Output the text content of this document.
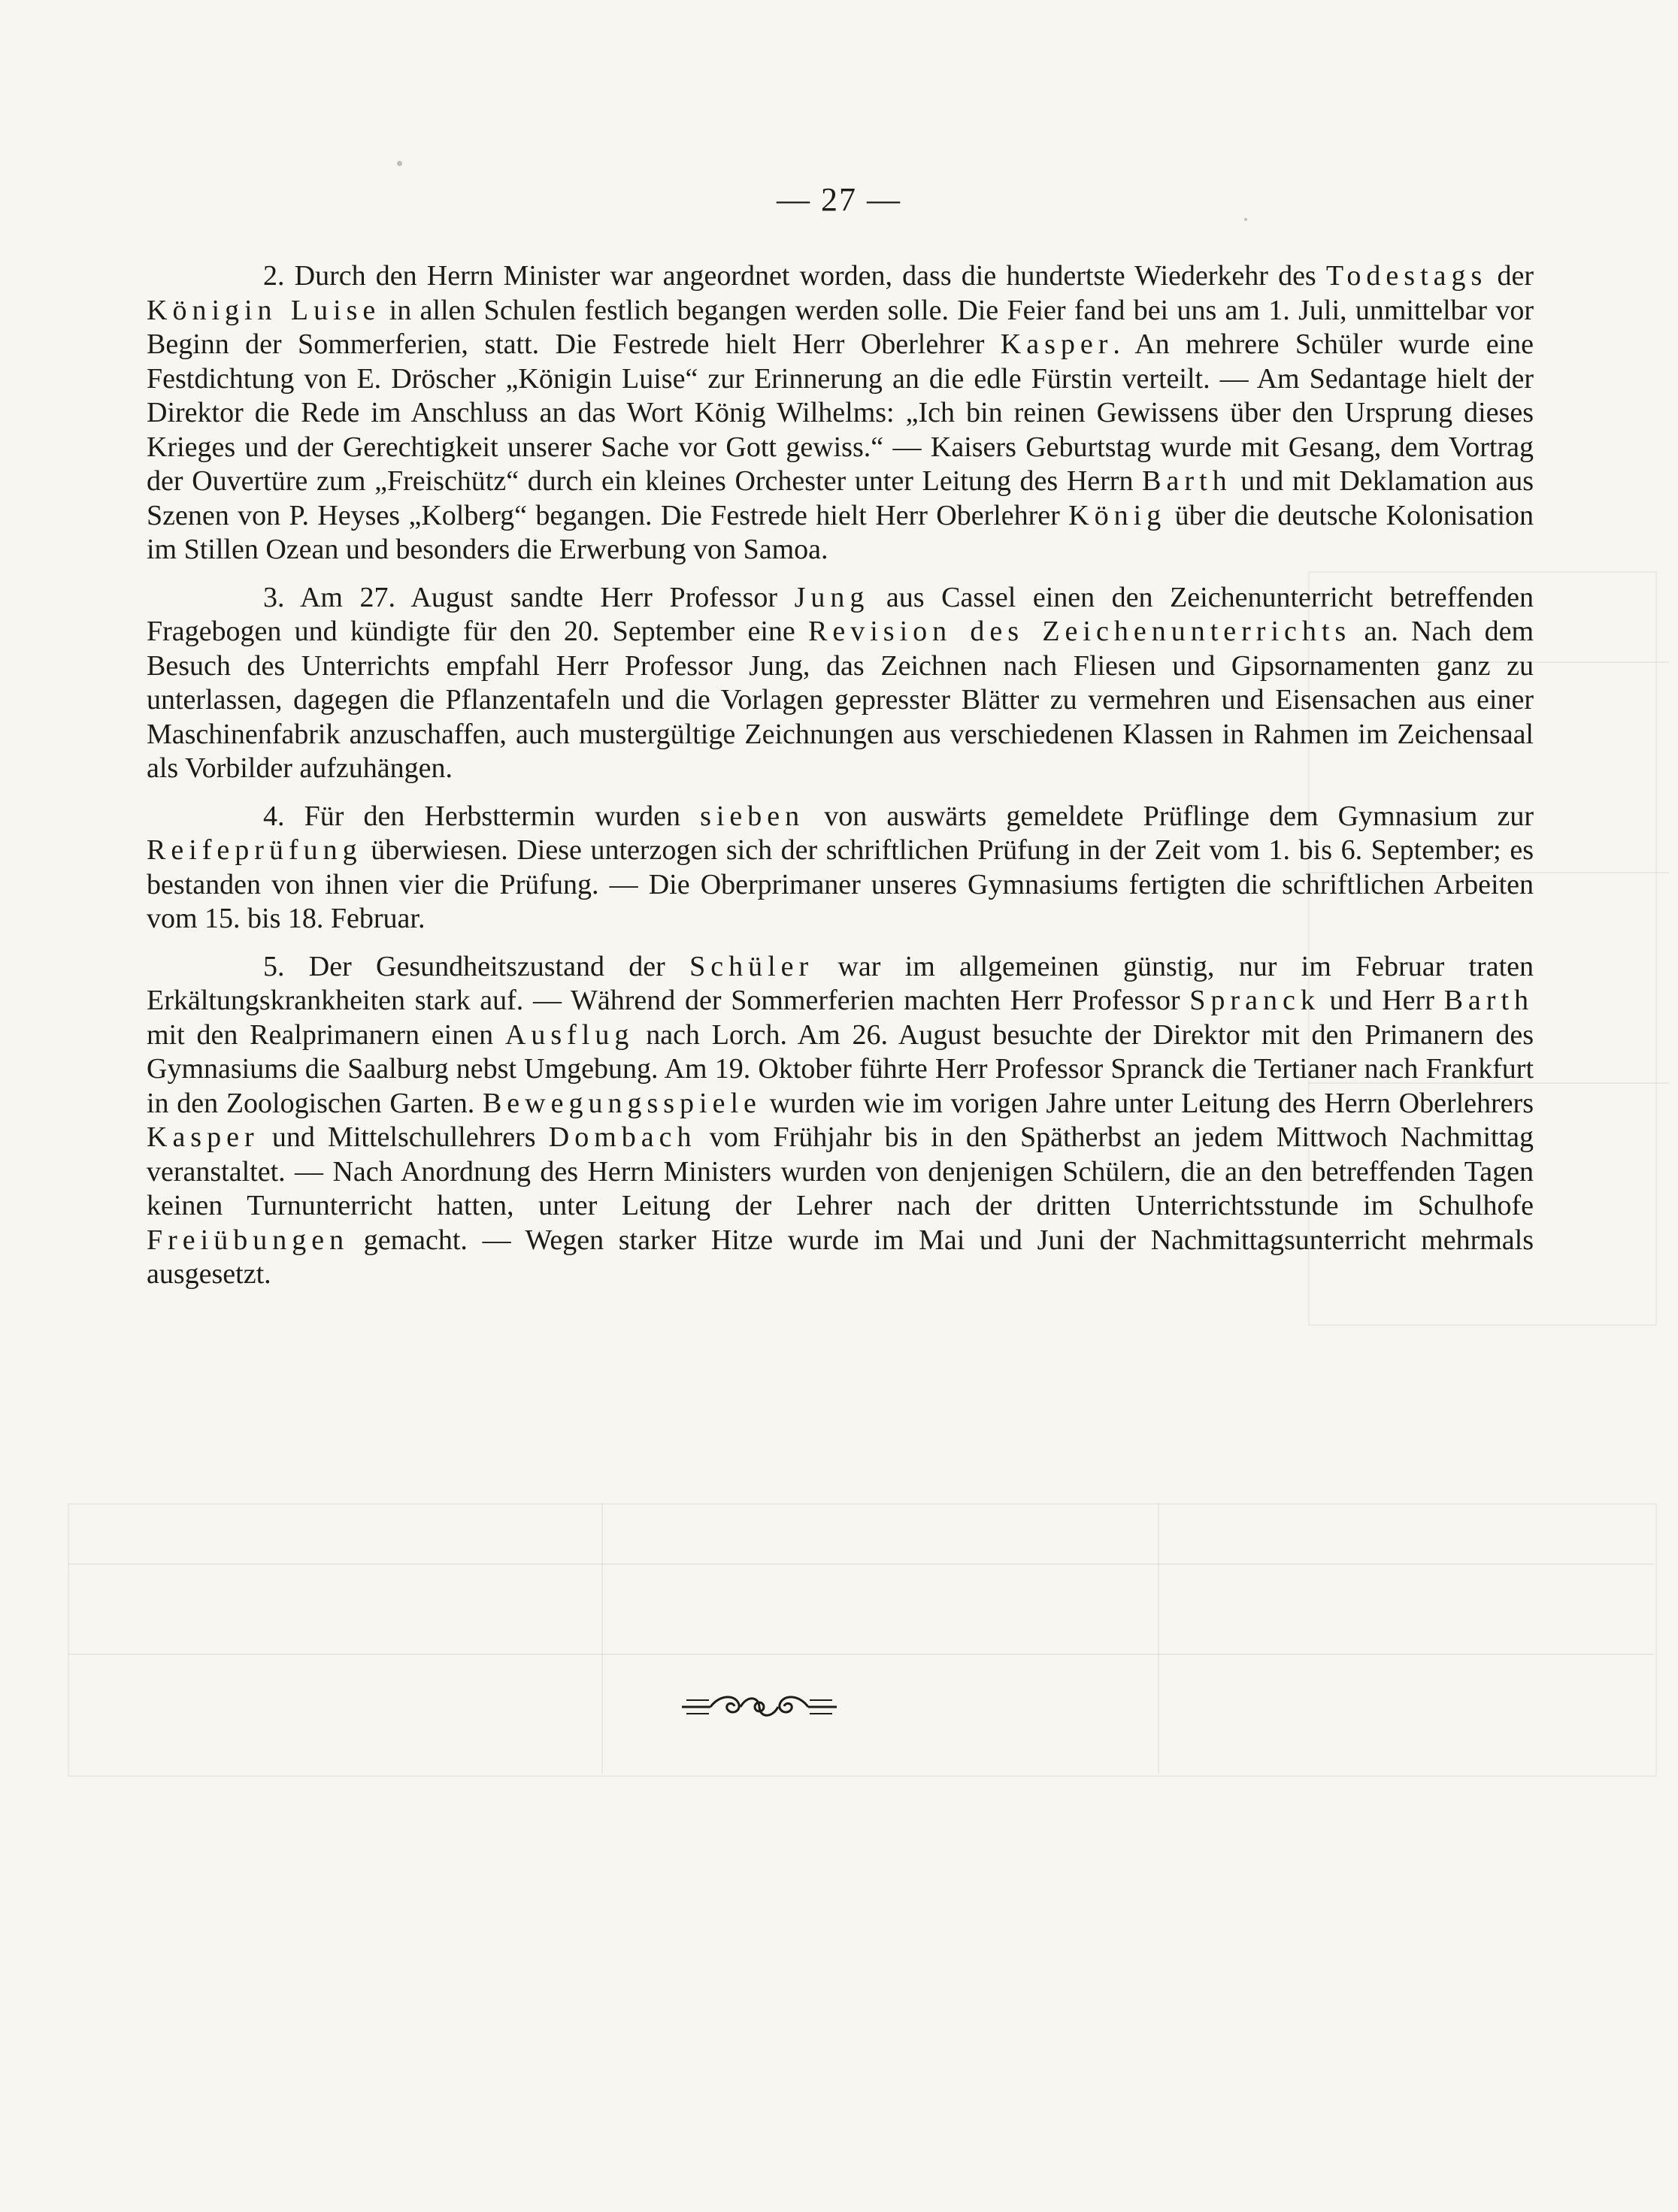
— 27 —

2. Durch den Herrn Minister war angeordnet worden, dass die hundertste Wiederkehr des Todestags der Königin Luise in allen Schulen festlich begangen werden solle. Die Feier fand bei uns am 1. Juli, unmittelbar vor Beginn der Sommerferien, statt. Die Festrede hielt Herr Oberlehrer Kasper. An mehrere Schüler wurde eine Festdichtung von E. Dröscher „Königin Luise“ zur Erinnerung an die edle Fürstin verteilt. — Am Sedantage hielt der Direktor die Rede im Anschluss an das Wort König Wilhelms: „Ich bin reinen Gewissens über den Ursprung dieses Krieges und der Gerechtigkeit unserer Sache vor Gott gewiss.“ — Kaisers Geburtstag wurde mit Gesang, dem Vortrag der Ouvertüre zum „Freischütz“ durch ein kleines Orchester unter Leitung des Herrn Barth und mit Deklamation aus Szenen von P. Heyses „Kolberg“ begangen. Die Festrede hielt Herr Oberlehrer König über die deutsche Kolonisation im Stillen Ozean und besonders die Erwerbung von Samoa.

3. Am 27. August sandte Herr Professor Jung aus Cassel einen den Zeichenunterricht betreffenden Fragebogen und kündigte für den 20. September eine Revision des Zeichenunterrichts an. Nach dem Besuch des Unterrichts empfahl Herr Professor Jung, das Zeichnen nach Fliesen und Gipsornamenten ganz zu unterlassen, dagegen die Pflanzentafeln und die Vorlagen gepresster Blätter zu vermehren und Eisensachen aus einer Maschinenfabrik anzuschaffen, auch mustergültige Zeichnungen aus verschiedenen Klassen in Rahmen im Zeichensaal als Vorbilder aufzuhängen.

4. Für den Herbsttermin wurden sieben von auswärts gemeldete Prüflinge dem Gymnasium zur Reifeprüfung überwiesen. Diese unterzogen sich der schriftlichen Prüfung in der Zeit vom 1. bis 6. September; es bestanden von ihnen vier die Prüfung. — Die Oberprimaner unseres Gymnasiums fertigten die schriftlichen Arbeiten vom 15. bis 18. Februar.

5. Der Gesundheitszustand der Schüler war im allgemeinen günstig, nur im Februar traten Erkältungskrankheiten stark auf. — Während der Sommerferien machten Herr Professor Spranck und Herr Barth mit den Realprimanern einen Ausflug nach Lorch. Am 26. August besuchte der Direktor mit den Primanern des Gymnasiums die Saalburg nebst Umgebung. Am 19. Oktober führte Herr Professor Spranck die Tertianer nach Frankfurt in den Zoologischen Garten. Bewegungsspiele wurden wie im vorigen Jahre unter Leitung des Herrn Oberlehrers Kasper und Mittelschullehrers Dombach vom Frühjahr bis in den Spätherbst an jedem Mittwoch Nachmittag veranstaltet. — Nach Anordnung des Herrn Ministers wurden von denjenigen Schülern, die an den betreffenden Tagen keinen Turnunterricht hatten, unter Leitung der Lehrer nach der dritten Unterrichtsstunde im Schulhofe Freiübungen gemacht. — Wegen starker Hitze wurde im Mai und Juni der Nachmittagsunterricht mehrmals ausgesetzt.
